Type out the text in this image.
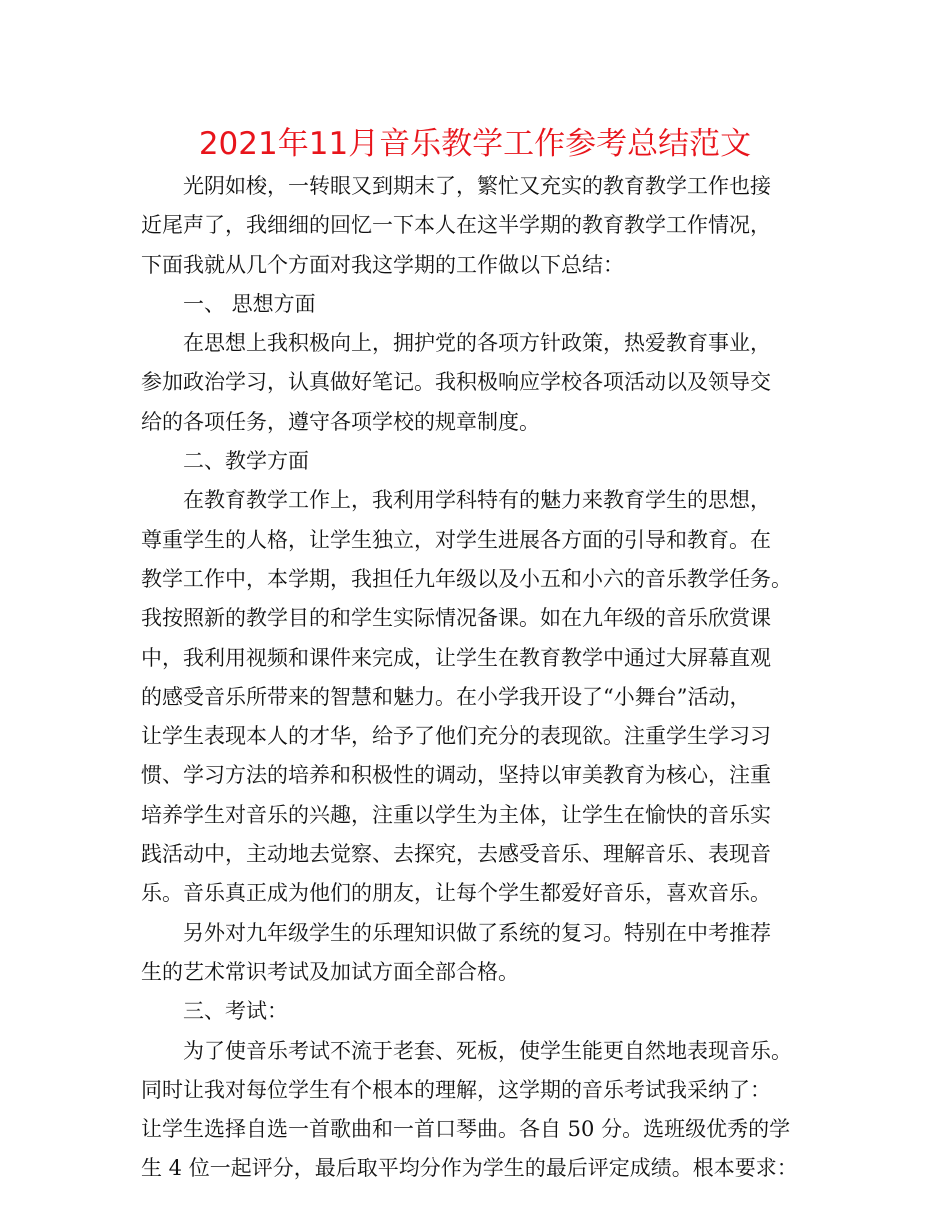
2021年11月音乐教学工作参考总结范文
光阴如梭，一转眼又到期末了，繁忙又充实的教育教学工作也接
近尾声了，我细细的回忆一下本人在这半学期的教育教学工作情况，
下面我就从几个方面对我这学期的工作做以下总结：
一、 思想方面
在思想上我积极向上，拥护党的各项方针政策，热爱教育事业，
参加政治学习，认真做好笔记。我积极响应学校各项活动以及领导交
给的各项任务，遵守各项学校的规章制度。
二、教学方面
在教育教学工作上，我利用学科特有的魅力来教育学生的思想，
尊重学生的人格，让学生独立，对学生进展各方面的引导和教育。在
教学工作中，本学期，我担任九年级以及小五和小六的音乐教学任务。
我按照新的教学目的和学生实际情况备课。如在九年级的音乐欣赏课
中，我利用视频和课件来完成，让学生在教育教学中通过大屏幕直观
的感受音乐所带来的智慧和魅力。在小学我开设了“小舞台”活动，
让学生表现本人的才华，给予了他们充分的表现欲。注重学生学习习
惯、学习方法的培养和积极性的调动，坚持以审美教育为核心，注重
培养学生对音乐的兴趣，注重以学生为主体，让学生在愉快的音乐实
践活动中，主动地去觉察、去探究，去感受音乐、理解音乐、表现音
乐。音乐真正成为他们的朋友，让每个学生都爱好音乐，喜欢音乐。
另外对九年级学生的乐理知识做了系统的复习。特别在中考推荐
生的艺术常识考试及加试方面全部合格。
三、考试：
为了使音乐考试不流于老套、死板，使学生能更自然地表现音乐。
同时让我对每位学生有个根本的理解，这学期的音乐考试我采纳了：
让学生选择自选一首歌曲和一首口琴曲。各自 50 分。选班级优秀的学
生 4 位一起评分，最后取平均分作为学生的最后评定成绩。根本要求：
